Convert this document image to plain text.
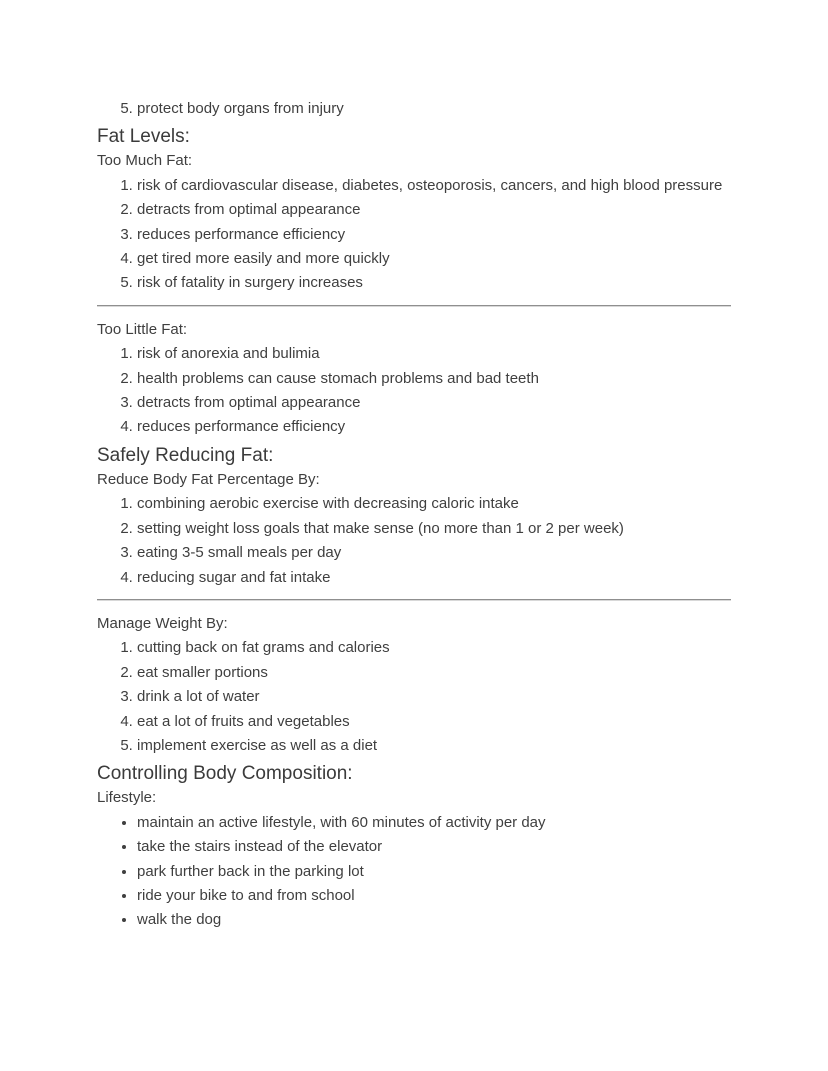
5. protect body organs from injury
Fat Levels:

Too Much Fat:

1. risk of cardiovascular disease, diabetes, osteoporosis, cancers, and high blood pressure
2. detracts from optimal appearance
3. reduces performance efficiency
4. get tired more easily and more quickly
5. risk of fatality in surgery increases

Too Little Fat:

1. risk of anorexia and bulimia
2. health problems can cause stomach problems and bad teeth
3. detracts from optimal appearance
4. reduces performance efficiency
Safely Reducing Fat:

Reduce Body Fat Percentage By:

1. combining aerobic exercise with decreasing caloric intake
2. setting weight loss goals that make sense (no more than 1 or 2 per week)
3. eating 3-5 small meals per day
4. reducing sugar and fat intake

Manage Weight By:

1. cutting back on fat grams and calories
2. eat smaller portions
3. drink a lot of water
4. eat a lot of fruits and vegetables
5. implement exercise as well as a diet
Controlling Body Composition:

Lifestyle:

• maintain an active lifestyle, with 60 minutes of activity per day
• take the stairs instead of the elevator
• park further back in the parking lot
• ride your bike to and from school
• walk the dog
